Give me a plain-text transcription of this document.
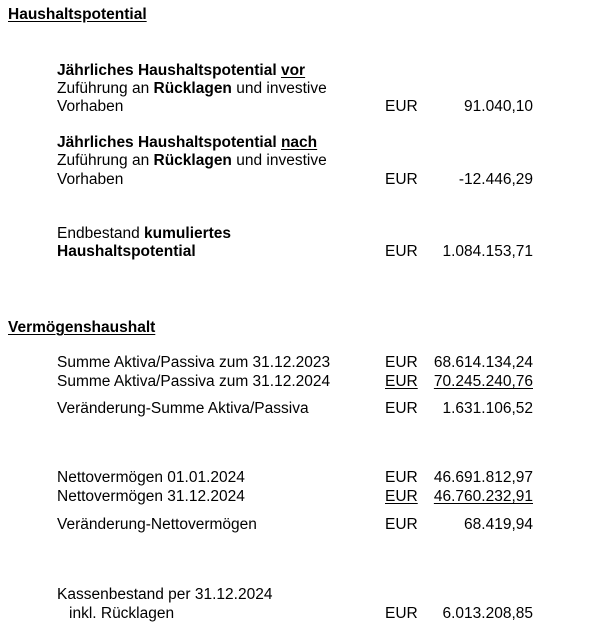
Haushaltspotential
Jährliches Haushaltspotential vor
Zuführung an Rücklagen und investive
Vorhaben	EUR	91.040,10
Jährliches Haushaltspotential nach
Zuführung an Rücklagen und investive
Vorhaben	EUR	-12.446,29
Endbestand kumuliertes
Haushaltspotential	EUR 1.084.153,71
Vermögenshaushalt
Summe Aktiva/Passiva zum 31.12.2023	EUR 68.614.134,24
Summe Aktiva/Passiva zum 31.12.2024	EUR 70.245.240,76
Veränderung-Summe Aktiva/Passiva	EUR 1.631.106,52
Nettovermögen 01.01.2024	EUR 46.691.812,97
Nettovermögen 31.12.2024	EUR 46.760.232,91
Veränderung-Nettovermögen	EUR	68.419,94
Kassenbestand per 31.12.2024
inkl. Rücklagen	EUR 6.013.208,85
